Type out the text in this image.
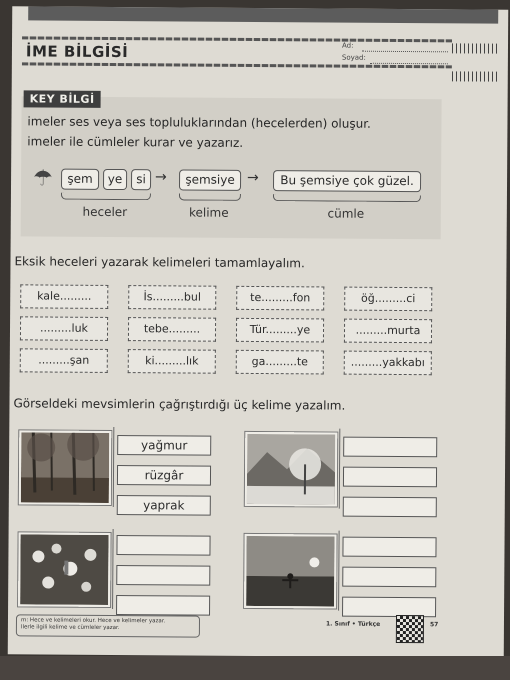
İME BİLGİSİ	Ad:
Soyad:
KEY BİLGİ
imeler ses veya ses topluluklarından (hecelerden) oluşur.
imeler ile cümleler kurar ve yazarız.
☂	şem	ye	si →	şemsiye →	Bu şemsiye çok güzel.
heceler	kelime	cümle
Eksik heceleri yazarak kelimeleri tamamlayalım.
kale.........	İs.........bul	te.........fon	öğ.........ci
.........luk	tebe.........	Tür.........ye	.........murta
.........şan	ki.........lık	ga.........te	.........yakkabı
Görseldeki mevsimlerin çağrıştırdığı üç kelime yazalım.
yağmur
rüzgâr
yaprak
m: Hece ve kelimeleri okur. Hece ve kelimeler yazar.
llerle ilgili kelime ve cümleler yazar.	1. Sınıf • Türkçe	57
